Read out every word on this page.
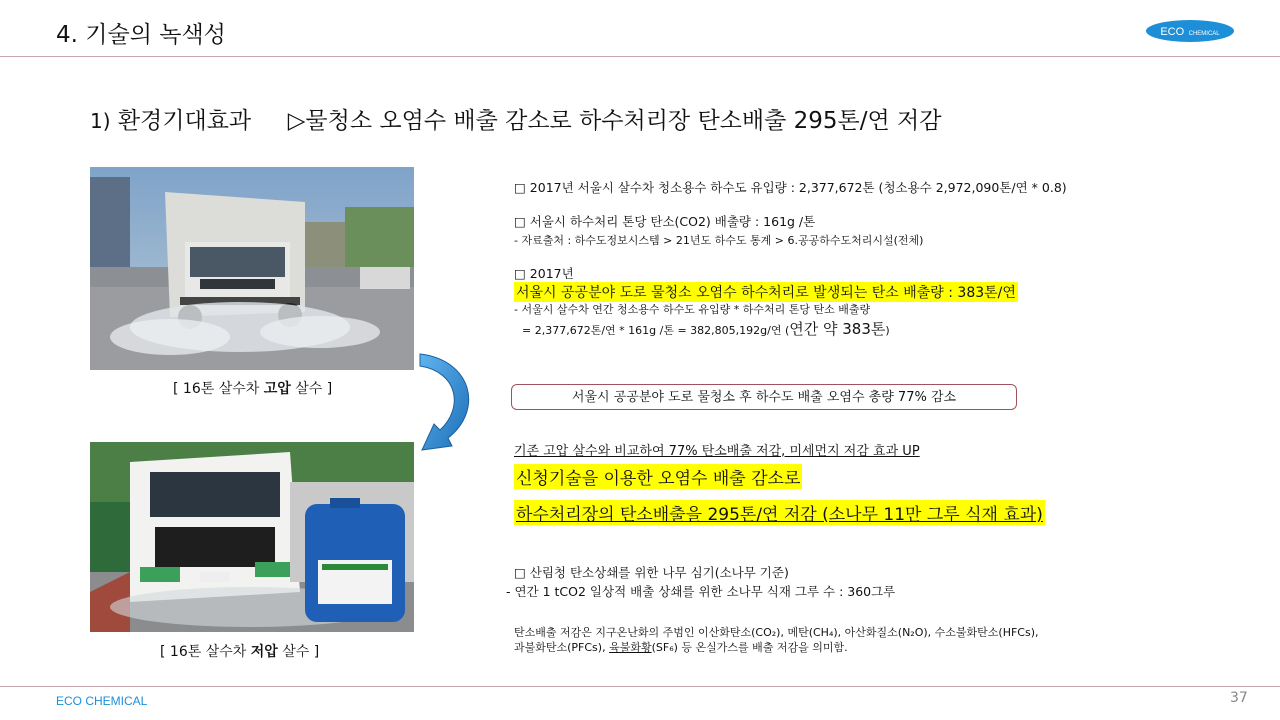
4. 기술의 녹색성	ECO CHEMICAL
1) 환경기대효과 ▷물청소 오염수 배출 감소로 하수처리장 탄소배출 295톤/연 저감
[ 16톤 살수차 고압 살수 ]
[ 16톤 살수차 저압 살수 ]
□ 2017년 서울시 살수차 청소용수 하수도 유입량 : 2,377,672톤 (청소용수 2,972,090톤/연 * 0.8)
□ 서울시 하수처리 톤당 탄소(CO2) 배출량 : 161g /톤
- 자료출처 : 하수도정보시스템 > 21년도 하수도 통계 > 6.공공하수도처리시설(전체)
□ 2017년
서울시 공공분야 도로 물청소 오염수 하수처리로 발생되는 탄소 배출량 : 383톤/연
- 서울시 살수차 연간 청소용수 하수도 유입량 * 하수처리 톤당 탄소 배출량
= 2,377,672톤/연 * 161g /톤 = 382,805,192g/연 (연간 약 383톤)
서울시 공공분야 도로 물청소 후 하수도 배출 오염수 총량 77% 감소
기존 고압 살수와 비교하여 77% 탄소배출 저감, 미세먼지 저감 효과 UP
신청기술을 이용한 오염수 배출 감소로
하수처리장의 탄소배출을 295톤/연 저감 (소나무 11만 그루 식재 효과)
□ 산림청 탄소상쇄를 위한 나무 심기(소나무 기준)
- 연간 1 tCO2 일상적 배출 상쇄를 위한 소나무 식재 그루 수 : 360그루
탄소배출 저감은 지구온난화의 주범인 이산화탄소(CO₂), 메탄(CH₄), 아산화질소(N₂O), 수소불화탄소(HFCs),
과불화탄소(PFCs), 육불화황(SF₆) 등 온실가스를 배출 저감을 의미함.
ECO CHEMICAL	37
